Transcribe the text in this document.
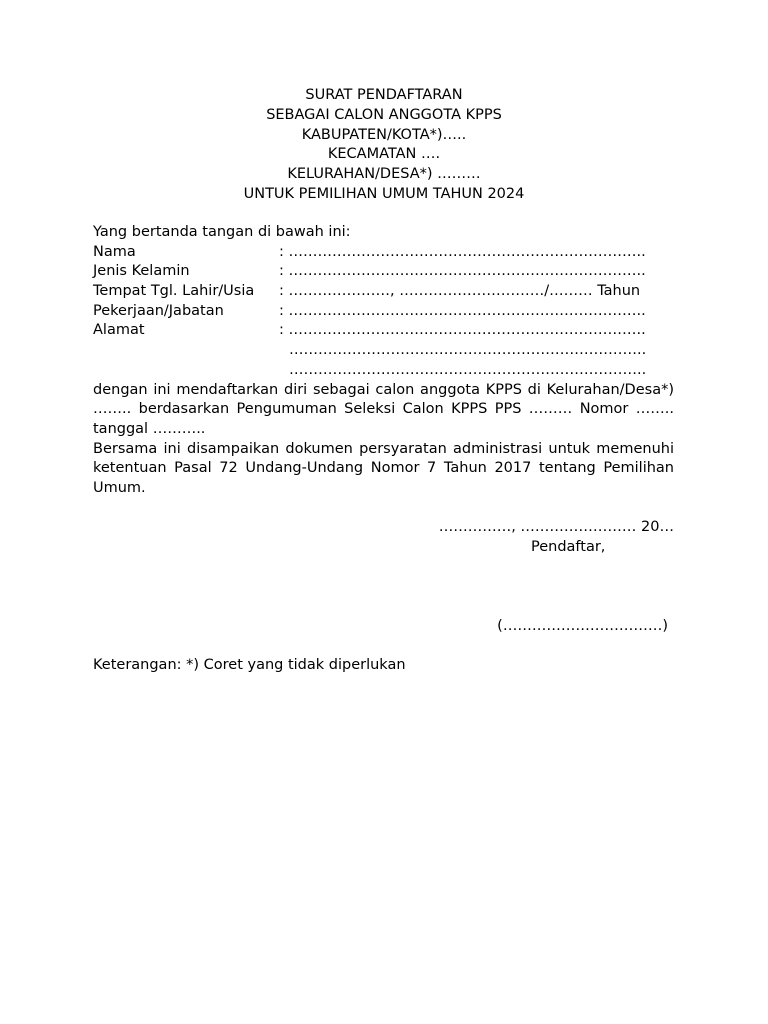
SURAT PENDAFTARAN
SEBAGAI CALON ANGGOTA KPPS
KABUPATEN/KOTA*)…..
KECAMATAN ….
KELURAHAN/DESA*) ………
UNTUK PEMILIHAN UMUM TAHUN 2024
Yang bertanda tangan di bawah ini:
Nama	: ………………………………………………………………..
Jenis Kelamin	: ………………………………………………………………..
Tempat Tgl. Lahir/Usia : …………………, …………………………/……… Tahun
Pekerjaan/Jabatan	: ………………………………………………………………..
Alamat	: ………………………………………………………………..
………………………………………………………………..
………………………………………………………………..
dengan ini mendaftarkan diri sebagai calon anggota KPPS di Kelurahan/Desa*) …….. berdasarkan Pengumuman Seleksi Calon KPPS PPS ……… Nomor …….. tanggal ………..
Bersama ini disampaikan dokumen persyaratan administrasi untuk memenuhi ketentuan Pasal 72 Undang-Undang Nomor 7 Tahun 2017 tentang Pemilihan Umum.
……………, …………………… 20…
Pendaftar,
(……………………………)
Keterangan: *) Coret yang tidak diperlukan
